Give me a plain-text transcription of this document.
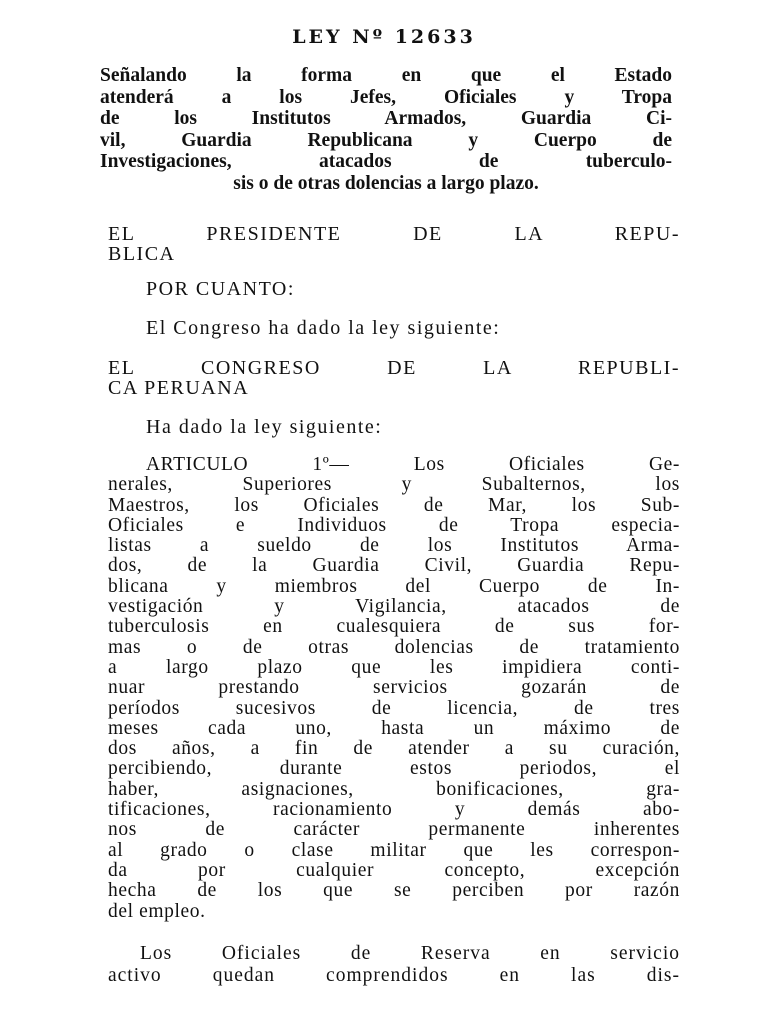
LEY Nº 12633
Señalando la forma en que el Estado
atenderá a los Jefes, Oficiales y Tropa
de los Institutos Armados, Guardia Ci-
vil, Guardia Republicana y Cuerpo de
Investigaciones, atacados de tuberculo-
sis o de otras dolencias a largo plazo.
EL PRESIDENTE DE LA REPU-
BLICA
POR CUANTO:
El Congreso ha dado la ley siguiente:
EL CONGRESO DE LA REPUBLI-
CA PERUANA
Ha dado la ley siguiente:
ARTICULO 1º— Los Oficiales Ge-
nerales, Superiores y Subalternos, los
Maestros, los Oficiales de Mar, los Sub-
Oficiales e Individuos de Tropa especia-
listas a sueldo de los Institutos Arma-
dos, de la Guardia Civil, Guardia Repu-
blicana y miembros del Cuerpo de In-
vestigación y Vigilancia, atacados de
tuberculosis en cualesquiera de sus for-
mas o de otras dolencias de tratamiento
a largo plazo que les impidiera conti-
nuar prestando servicios gozarán de
períodos sucesivos de licencia, de tres
meses cada uno, hasta un máximo de
dos años, a fin de atender a su curación,
percibiendo, durante estos periodos, el
haber, asignaciones, bonificaciones, gra-
tificaciones, racionamiento y demás abo-
nos de carácter permanente inherentes
al grado o clase militar que les correspon-
da por cualquier concepto, excepción
hecha de los que se perciben por razón
del empleo.
Los Oficiales de Reserva en servicio
activo quedan comprendidos en las dis-
